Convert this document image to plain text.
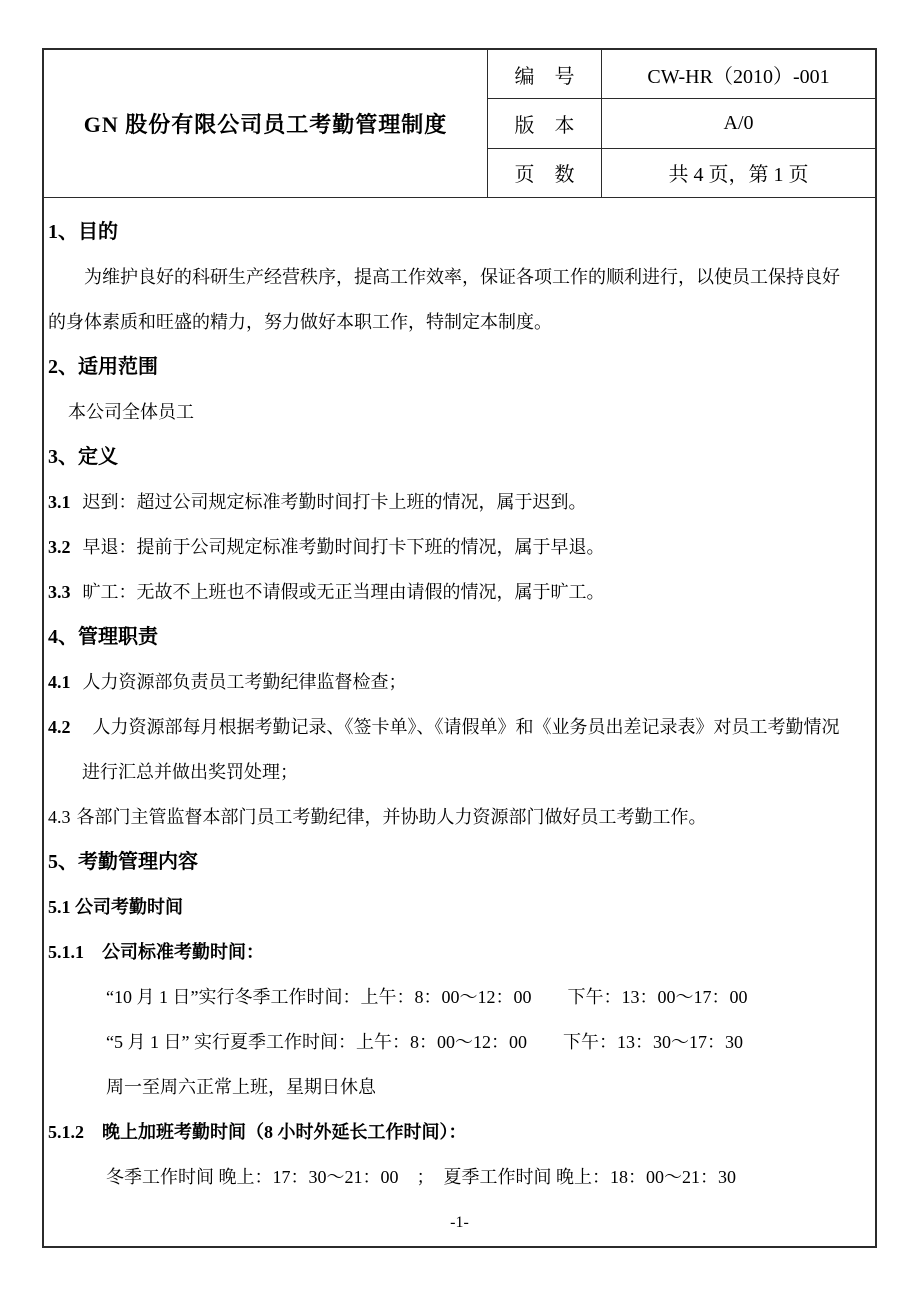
GN 股份有限公司员工考勤管理制度
编　号	CW-HR（2010）-001
版　本	A/0
页　数	共 4 页，第 1 页
1、目的
为维护良好的科研生产经营秩序，提高工作效率，保证各项工作的顺利进行，以使员工保持良好
的身体素质和旺盛的精力，努力做好本职工作，特制定本制度。
2、适用范围
本公司全体员工
3、定义
3.1 迟到：超过公司规定标准考勤时间打卡上班的情况，属于迟到。
3.2 早退：提前于公司规定标准考勤时间打卡下班的情况，属于早退。
3.3 旷工：无故不上班也不请假或无正当理由请假的情况，属于旷工。
4、管理职责
4.1 人力资源部负责员工考勤纪律监督检查；
4.2 人力资源部每月根据考勤记录、《签卡单》、《请假单》和《业务员出差记录表》对员工考勤情况
进行汇总并做出奖罚处理；
4.3 各部门主管监督本部门员工考勤纪律，并协助人力资源部门做好员工考勤工作。
5、考勤管理内容
5.1 公司考勤时间
5.1.1　公司标准考勤时间：
“10 月 1 日”实行冬季工作时间：上午：8：00～12：00　　下午：13：00～17：00
“5 月 1 日” 实行夏季工作时间：上午：8：00～12：00　　下午：13：30～17：30
周一至周六正常上班，星期日休息
5.1.2　晚上加班考勤时间（8 小时外延长工作时间）：
冬季工作时间 晚上：17：30～21：00　；　夏季工作时间 晚上：18：00～21：30
-1-
